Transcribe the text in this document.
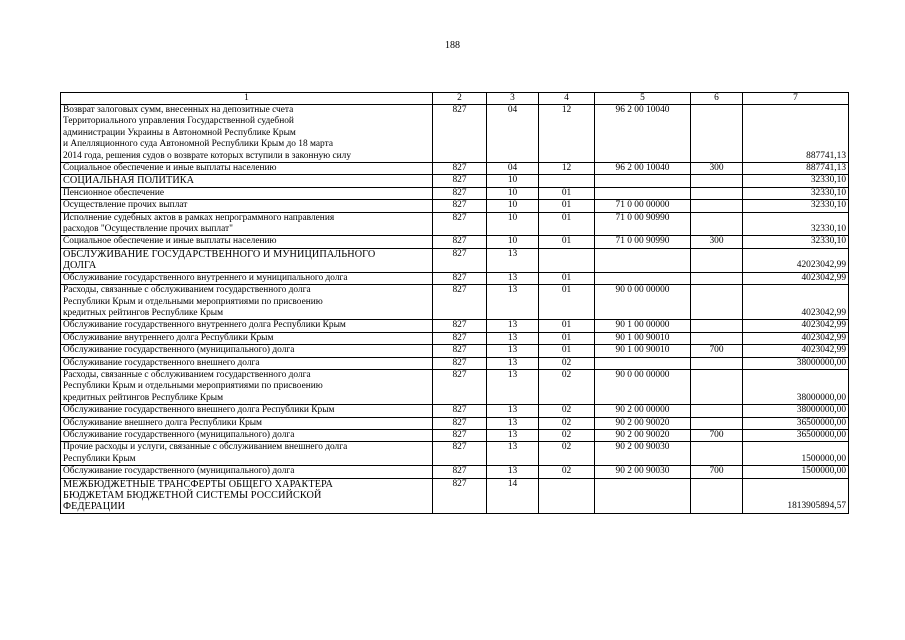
188
1	2	3	4	5	6	7

Возврат залоговых сумм, внесенных на депозитные счета
Территориального управления Государственной судебной
администрации Украины в Автономной Республике Крым
и Апелляционного суда Автономной Республики Крым до 18 марта
2014 года, решения судов о возврате которых вступили в законную силу	827	04	12	96 2 00 10040		887741,13

Социальное обеспечение и иные выплаты населению	827	04	12	96 2 00 10040	300	887741,13

СОЦИАЛЬНАЯ ПОЛИТИКА	827	10				32330,10

Пенсионное обеспечение	827	10	01			32330,10

Осуществление прочих выплат	827	10	01	71 0 00 00000		32330,10

Исполнение судебных актов в рамках непрограммного направления
расходов "Осуществление прочих выплат"	827	10	01	71 0 00 90990		32330,10

Социальное обеспечение и иные выплаты населению	827	10	01	71 0 00 90990	300	32330,10

ОБСЛУЖИВАНИЕ ГОСУДАРСТВЕННОГО И МУНИЦИПАЛЬНОГО
ДОЛГА	827	13				42023042,99

Обслуживание государственного внутреннего и муниципального долга	827	13	01			4023042,99

Расходы, связанные с обслуживанием государственного долга
Республики Крым и отдельными мероприятиями по присвоению
кредитных рейтингов Республике Крым	827	13	01	90 0 00 00000		4023042,99

Обслуживание государственного внутреннего долга Республики Крым	827	13	01	90 1 00 00000		4023042,99

Обслуживание внутреннего долга Республики Крым	827	13	01	90 1 00 90010		4023042,99

Обслуживание государственного (муниципального) долга	827	13	01	90 1 00 90010	700	4023042,99

Обслуживание государственного внешнего долга	827	13	02			38000000,00

Расходы, связанные с обслуживанием государственного долга
Республики Крым и отдельными мероприятиями по присвоению
кредитных рейтингов Республике Крым	827	13	02	90 0 00 00000		38000000,00

Обслуживание государственного внешнего долга Республики Крым	827	13	02	90 2 00 00000		38000000,00

Обслуживание внешнего долга Республики Крым	827	13	02	90 2 00 90020		36500000,00

Обслуживание государственного (муниципального) долга	827	13	02	90 2 00 90020	700	36500000,00

Прочие расходы и услуги, связанные с обслуживанием внешнего долга
Республики Крым	827	13	02	90 2 00 90030		1500000,00

Обслуживание государственного (муниципального) долга	827	13	02	90 2 00 90030	700	1500000,00

МЕЖБЮДЖЕТНЫЕ ТРАНСФЕРТЫ ОБЩЕГО ХАРАКТЕРА
БЮДЖЕТАМ БЮДЖЕТНОЙ СИСТЕМЫ РОССИЙСКОЙ
ФЕДЕРАЦИИ	827	14				1813905894,57
